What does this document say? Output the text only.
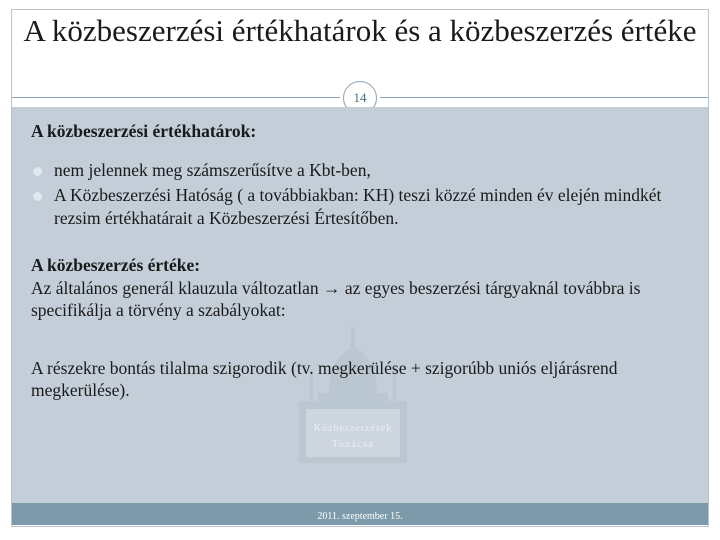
A közbeszerzési értékhatárok és a közbeszerzés értéke
14
Közbeszerzések
Tanácsa

A közbeszerzési értékhatárok:

nem jelennek meg számszerűsítve a Kbt-ben,
A Közbeszerzési Hatóság ( a továbbiakban: KH) teszi közzé minden év elején mindkét rezsim értékhatárait a Közbeszerzési Értesítőben.

A közbeszerzés értéke:

Az általános generál klauzula változatlan → az egyes beszerzési tárgyaknál továbbra is specifikálja a törvény a szabályokat:

A részekre bontás tilalma szigorodik (tv. megkerülése + szigorúbb uniós eljárásrend megkerülése).

2011. szeptember 15.
